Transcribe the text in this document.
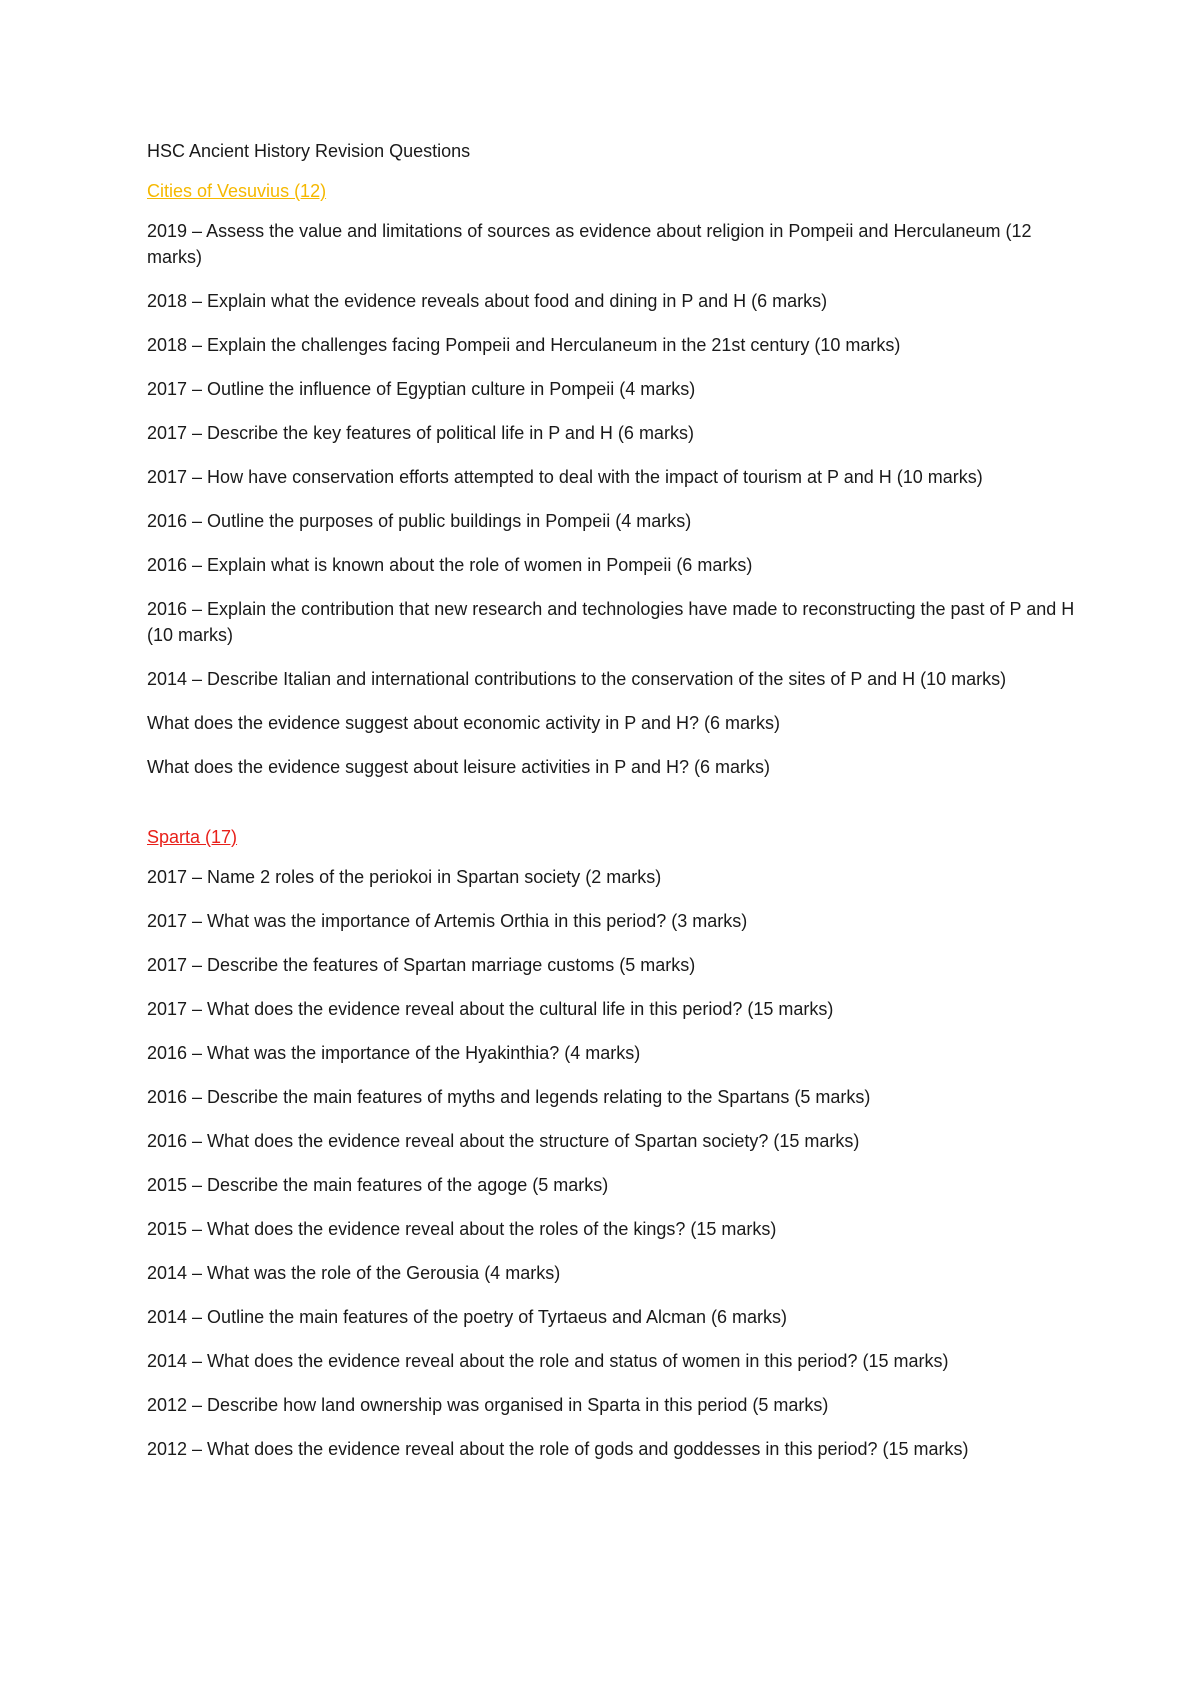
HSC Ancient History Revision Questions

Cities of Vesuvius (12)

2019 – Assess the value and limitations of sources as evidence about religion in Pompeii and Herculaneum (12 marks)

2018 – Explain what the evidence reveals about food and dining in P and H (6 marks)

2018 – Explain the challenges facing Pompeii and Herculaneum in the 21st century (10 marks)

2017 – Outline the influence of Egyptian culture in Pompeii (4 marks)

2017 – Describe the key features of political life in P and H (6 marks)

2017 – How have conservation efforts attempted to deal with the impact of tourism at P and H (10 marks)

2016 – Outline the purposes of public buildings in Pompeii (4 marks)

2016 – Explain what is known about the role of women in Pompeii (6 marks)

2016 – Explain the contribution that new research and technologies have made to reconstructing the past of P and H (10 marks)

2014 – Describe Italian and international contributions to the conservation of the sites of P and H (10 marks)

What does the evidence suggest about economic activity in P and H? (6 marks)

What does the evidence suggest about leisure activities in P and H? (6 marks)

Sparta (17)

2017 – Name 2 roles of the periokoi in Spartan society (2 marks)

2017 – What was the importance of Artemis Orthia in this period? (3 marks)

2017 – Describe the features of Spartan marriage customs (5 marks)

2017 – What does the evidence reveal about the cultural life in this period? (15 marks)

2016 – What was the importance of the Hyakinthia? (4 marks)

2016 – Describe the main features of myths and legends relating to the Spartans (5 marks)

2016 – What does the evidence reveal about the structure of Spartan society? (15 marks)

2015 – Describe the main features of the agoge (5 marks)

2015 – What does the evidence reveal about the roles of the kings? (15 marks)

2014 – What was the role of the Gerousia (4 marks)

2014 – Outline the main features of the poetry of Tyrtaeus and Alcman (6 marks)

2014 – What does the evidence reveal about the role and status of women in this period? (15 marks)

2012 – Describe how land ownership was organised in Sparta in this period (5 marks)

2012 – What does the evidence reveal about the role of gods and goddesses in this period? (15 marks)
